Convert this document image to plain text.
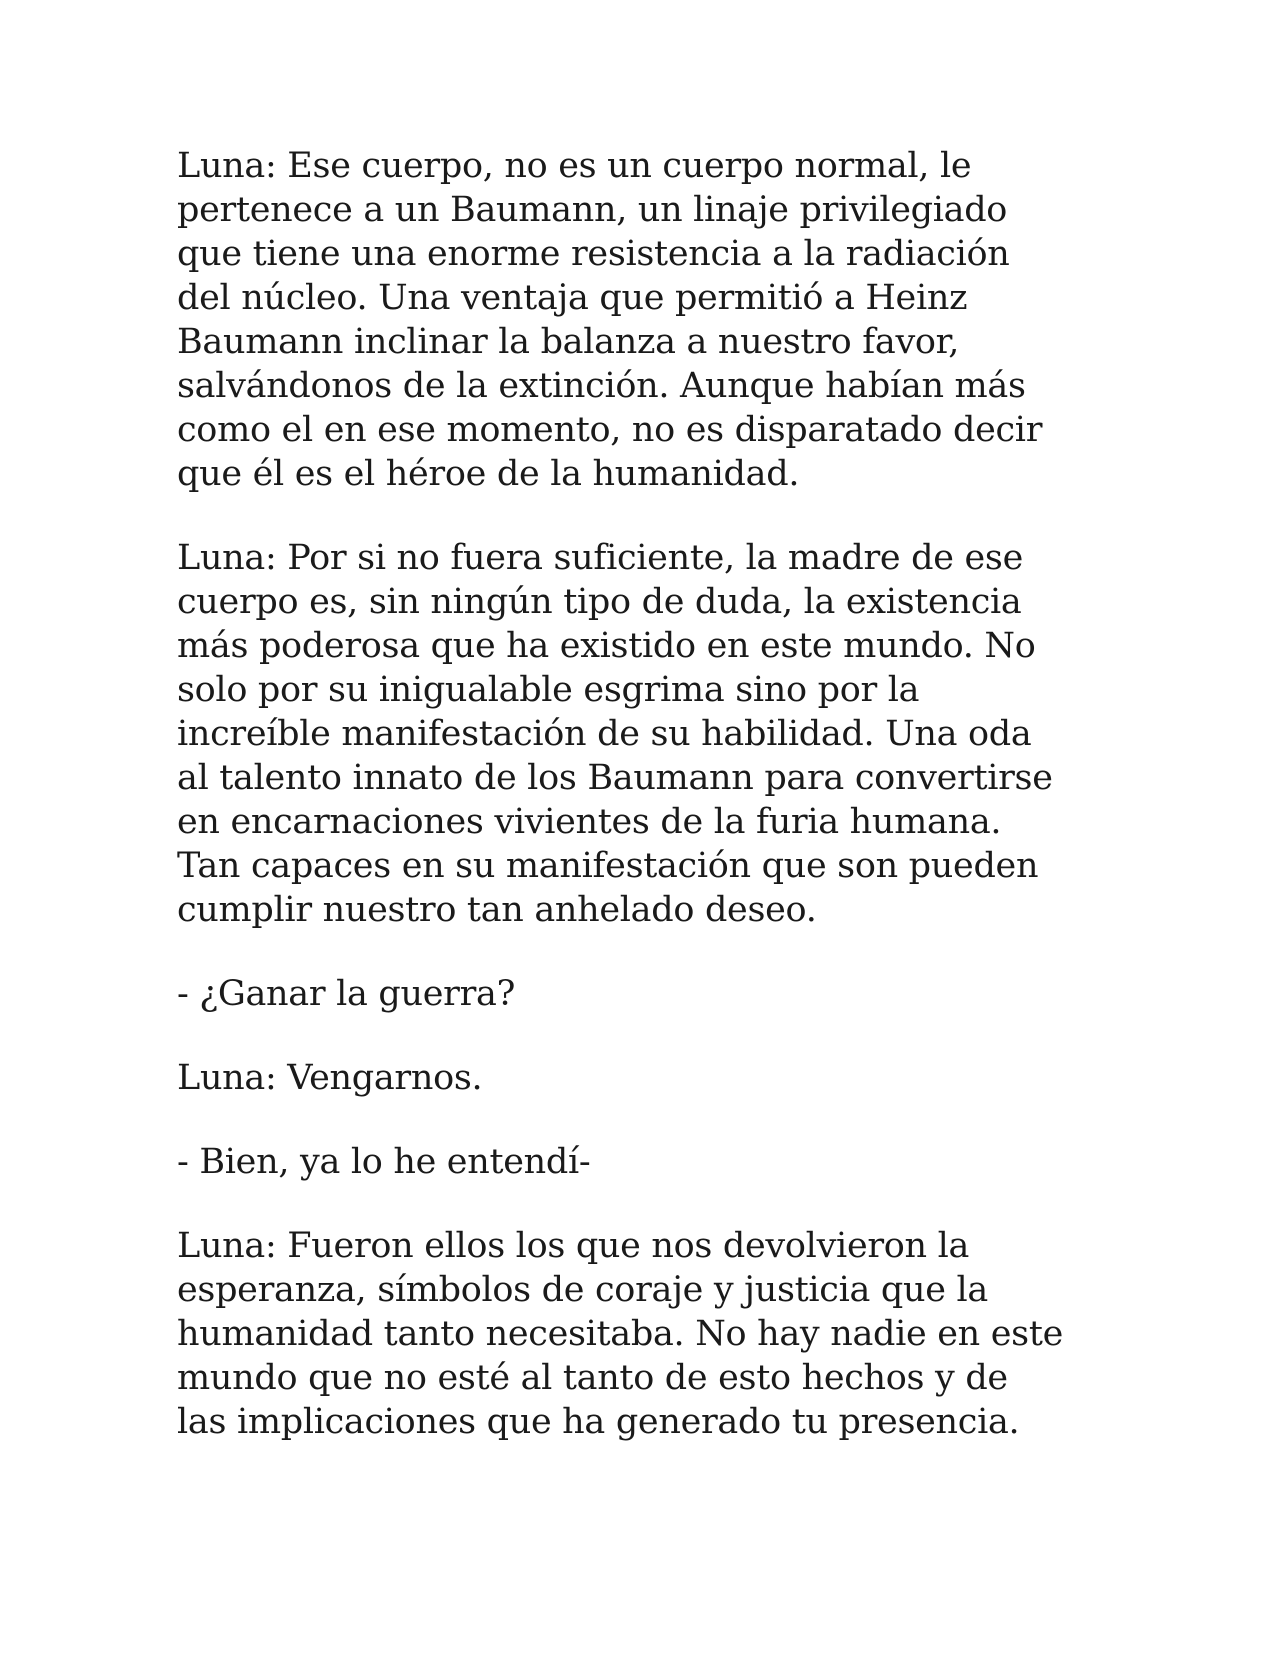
Luna: Ese cuerpo, no es un cuerpo normal, le
pertenece a un Baumann, un linaje privilegiado
que tiene una enorme resistencia a la radiación
del núcleo. Una ventaja que permitió a Heinz
Baumann inclinar la balanza a nuestro favor,
salvándonos de la extinción. Aunque habían más
como el en ese momento, no es disparatado decir
que él es el héroe de la humanidad.
Luna: Por si no fuera suficiente, la madre de ese
cuerpo es, sin ningún tipo de duda, la existencia
más poderosa que ha existido en este mundo. No
solo por su inigualable esgrima sino por la
increíble manifestación de su habilidad. Una oda
al talento innato de los Baumann para convertirse
en encarnaciones vivientes de la furia humana.
Tan capaces en su manifestación que son pueden
cumplir nuestro tan anhelado deseo.
- ¿Ganar la guerra?
Luna: Vengarnos.
- Bien, ya lo he entendí-
Luna: Fueron ellos los que nos devolvieron la
esperanza, símbolos de coraje y justicia que la
humanidad tanto necesitaba. No hay nadie en este
mundo que no esté al tanto de esto hechos y de
las implicaciones que ha generado tu presencia.
